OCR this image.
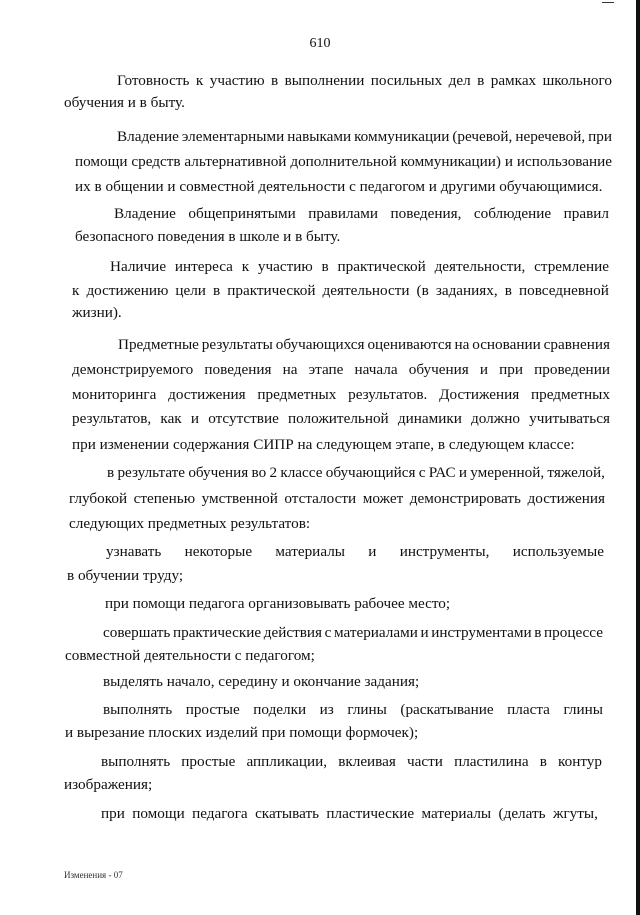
610
Готовность к участию в выполнении посильных дел в рамках школьного
обучения и в быту.
Владение элементарными навыками коммуникации (речевой, неречевой, при
помощи средств альтернативной дополнительной коммуникации) и использование
их в общении и совместной деятельности с педагогом и другими обучающимися.
Владение общепринятыми правилами поведения, соблюдение правил
безопасного поведения в школе и в быту.
Наличие интереса к участию в практической деятельности, стремление
к достижению цели в практической деятельности (в заданиях, в повседневной
жизни).
Предметные результаты обучающихся оцениваются на основании сравнения
демонстрируемого поведения на этапе начала обучения и при проведении
мониторинга достижения предметных результатов. Достижения предметных
результатов, как и отсутствие положительной динамики должно учитываться
при изменении содержания СИПР на следующем этапе, в следующем классе:
в результате обучения во 2 классе обучающийся с РАС и умеренной, тяжелой,
глубокой степенью умственной отсталости может демонстрировать достижения
следующих предметных результатов:
узнавать некоторые материалы и инструменты, используемые
в обучении труду;
при помощи педагога организовывать рабочее место;
совершать практические действия с материалами и инструментами в процессе
совместной деятельности с педагогом;
выделять начало, середину и окончание задания;
выполнять простые поделки из глины (раскатывание пласта глины
и вырезание плоских изделий при помощи формочек);
выполнять простые аппликации, вклеивая части пластилина в контур
изображения;
при помощи педагога скатывать пластические материалы (делать жгуты,
Изменения - 07
